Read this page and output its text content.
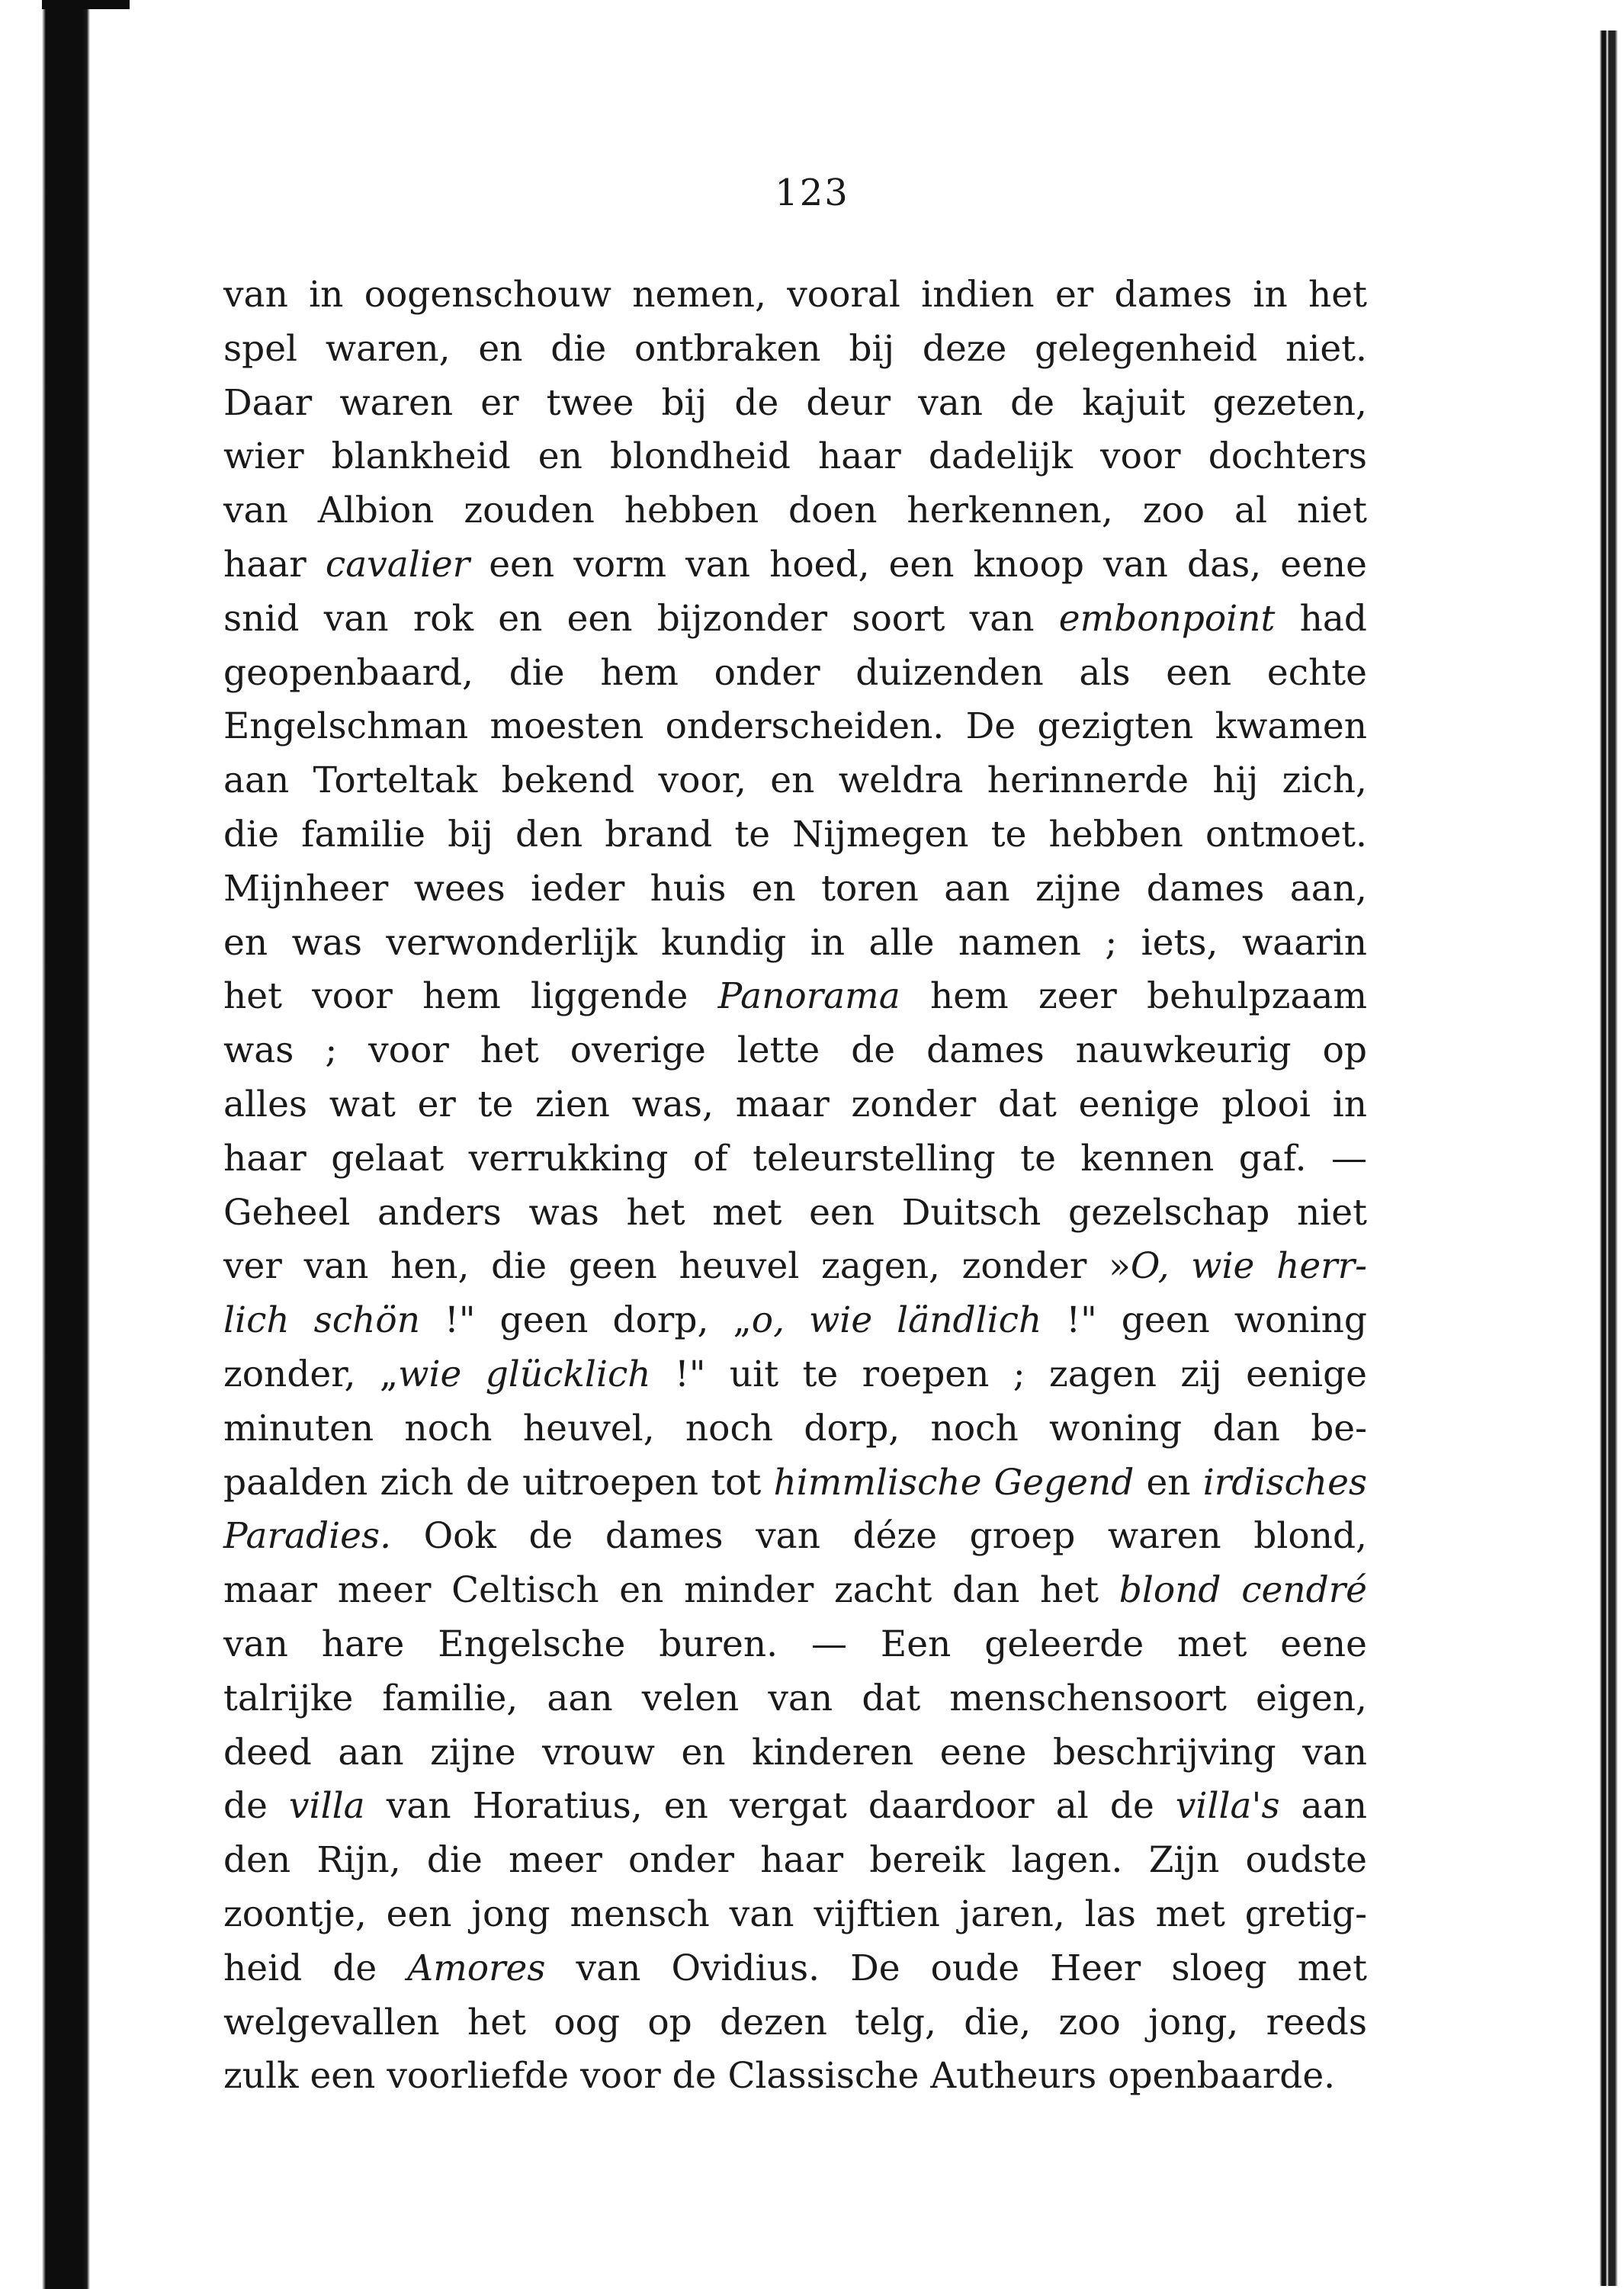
123
van in oogenschouw nemen, vooral indien er dames in het
spel waren, en die ontbraken bij deze gelegenheid niet.
Daar waren er twee bij de deur van de kajuit gezeten,
wier blankheid en blondheid haar dadelijk voor dochters
van Albion zouden hebben doen herkennen, zoo al niet
haar cavalier een vorm van hoed, een knoop van das, eene
snid van rok en een bijzonder soort van embonpoint had
geopenbaard, die hem onder duizenden als een echte
Engelschman moesten onderscheiden. De gezigten kwamen
aan Torteltak bekend voor, en weldra herinnerde hij zich,
die familie bij den brand te Nijmegen te hebben ontmoet.
Mijnheer wees ieder huis en toren aan zijne dames aan,
en was verwonderlijk kundig in alle namen ; iets, waarin
het voor hem liggende Panorama hem zeer behulpzaam
was ; voor het overige lette de dames nauwkeurig op
alles wat er te zien was, maar zonder dat eenige plooi in
haar gelaat verrukking of teleurstelling te kennen gaf. —
Geheel anders was het met een Duitsch gezelschap niet
ver van hen, die geen heuvel zagen, zonder »O, wie herr-
lich schön !" geen dorp, „o, wie ländlich !" geen woning
zonder, „wie glücklich !" uit te roepen ; zagen zij eenige
minuten noch heuvel, noch dorp, noch woning dan be-
paalden zich de uitroepen tot himmlische Gegend en irdisches
Paradies. Ook de dames van déze groep waren blond,
maar meer Celtisch en minder zacht dan het blond cendré
van hare Engelsche buren. — Een geleerde met eene
talrijke familie, aan velen van dat menschensoort eigen,
deed aan zijne vrouw en kinderen eene beschrijving van
de villa van Horatius, en vergat daardoor al de villa's aan
den Rijn, die meer onder haar bereik lagen. Zijn oudste
zoontje, een jong mensch van vijftien jaren, las met gretig-
heid de Amores van Ovidius. De oude Heer sloeg met
welgevallen het oog op dezen telg, die, zoo jong, reeds
zulk een voorliefde voor de Classische Autheurs openbaarde.
